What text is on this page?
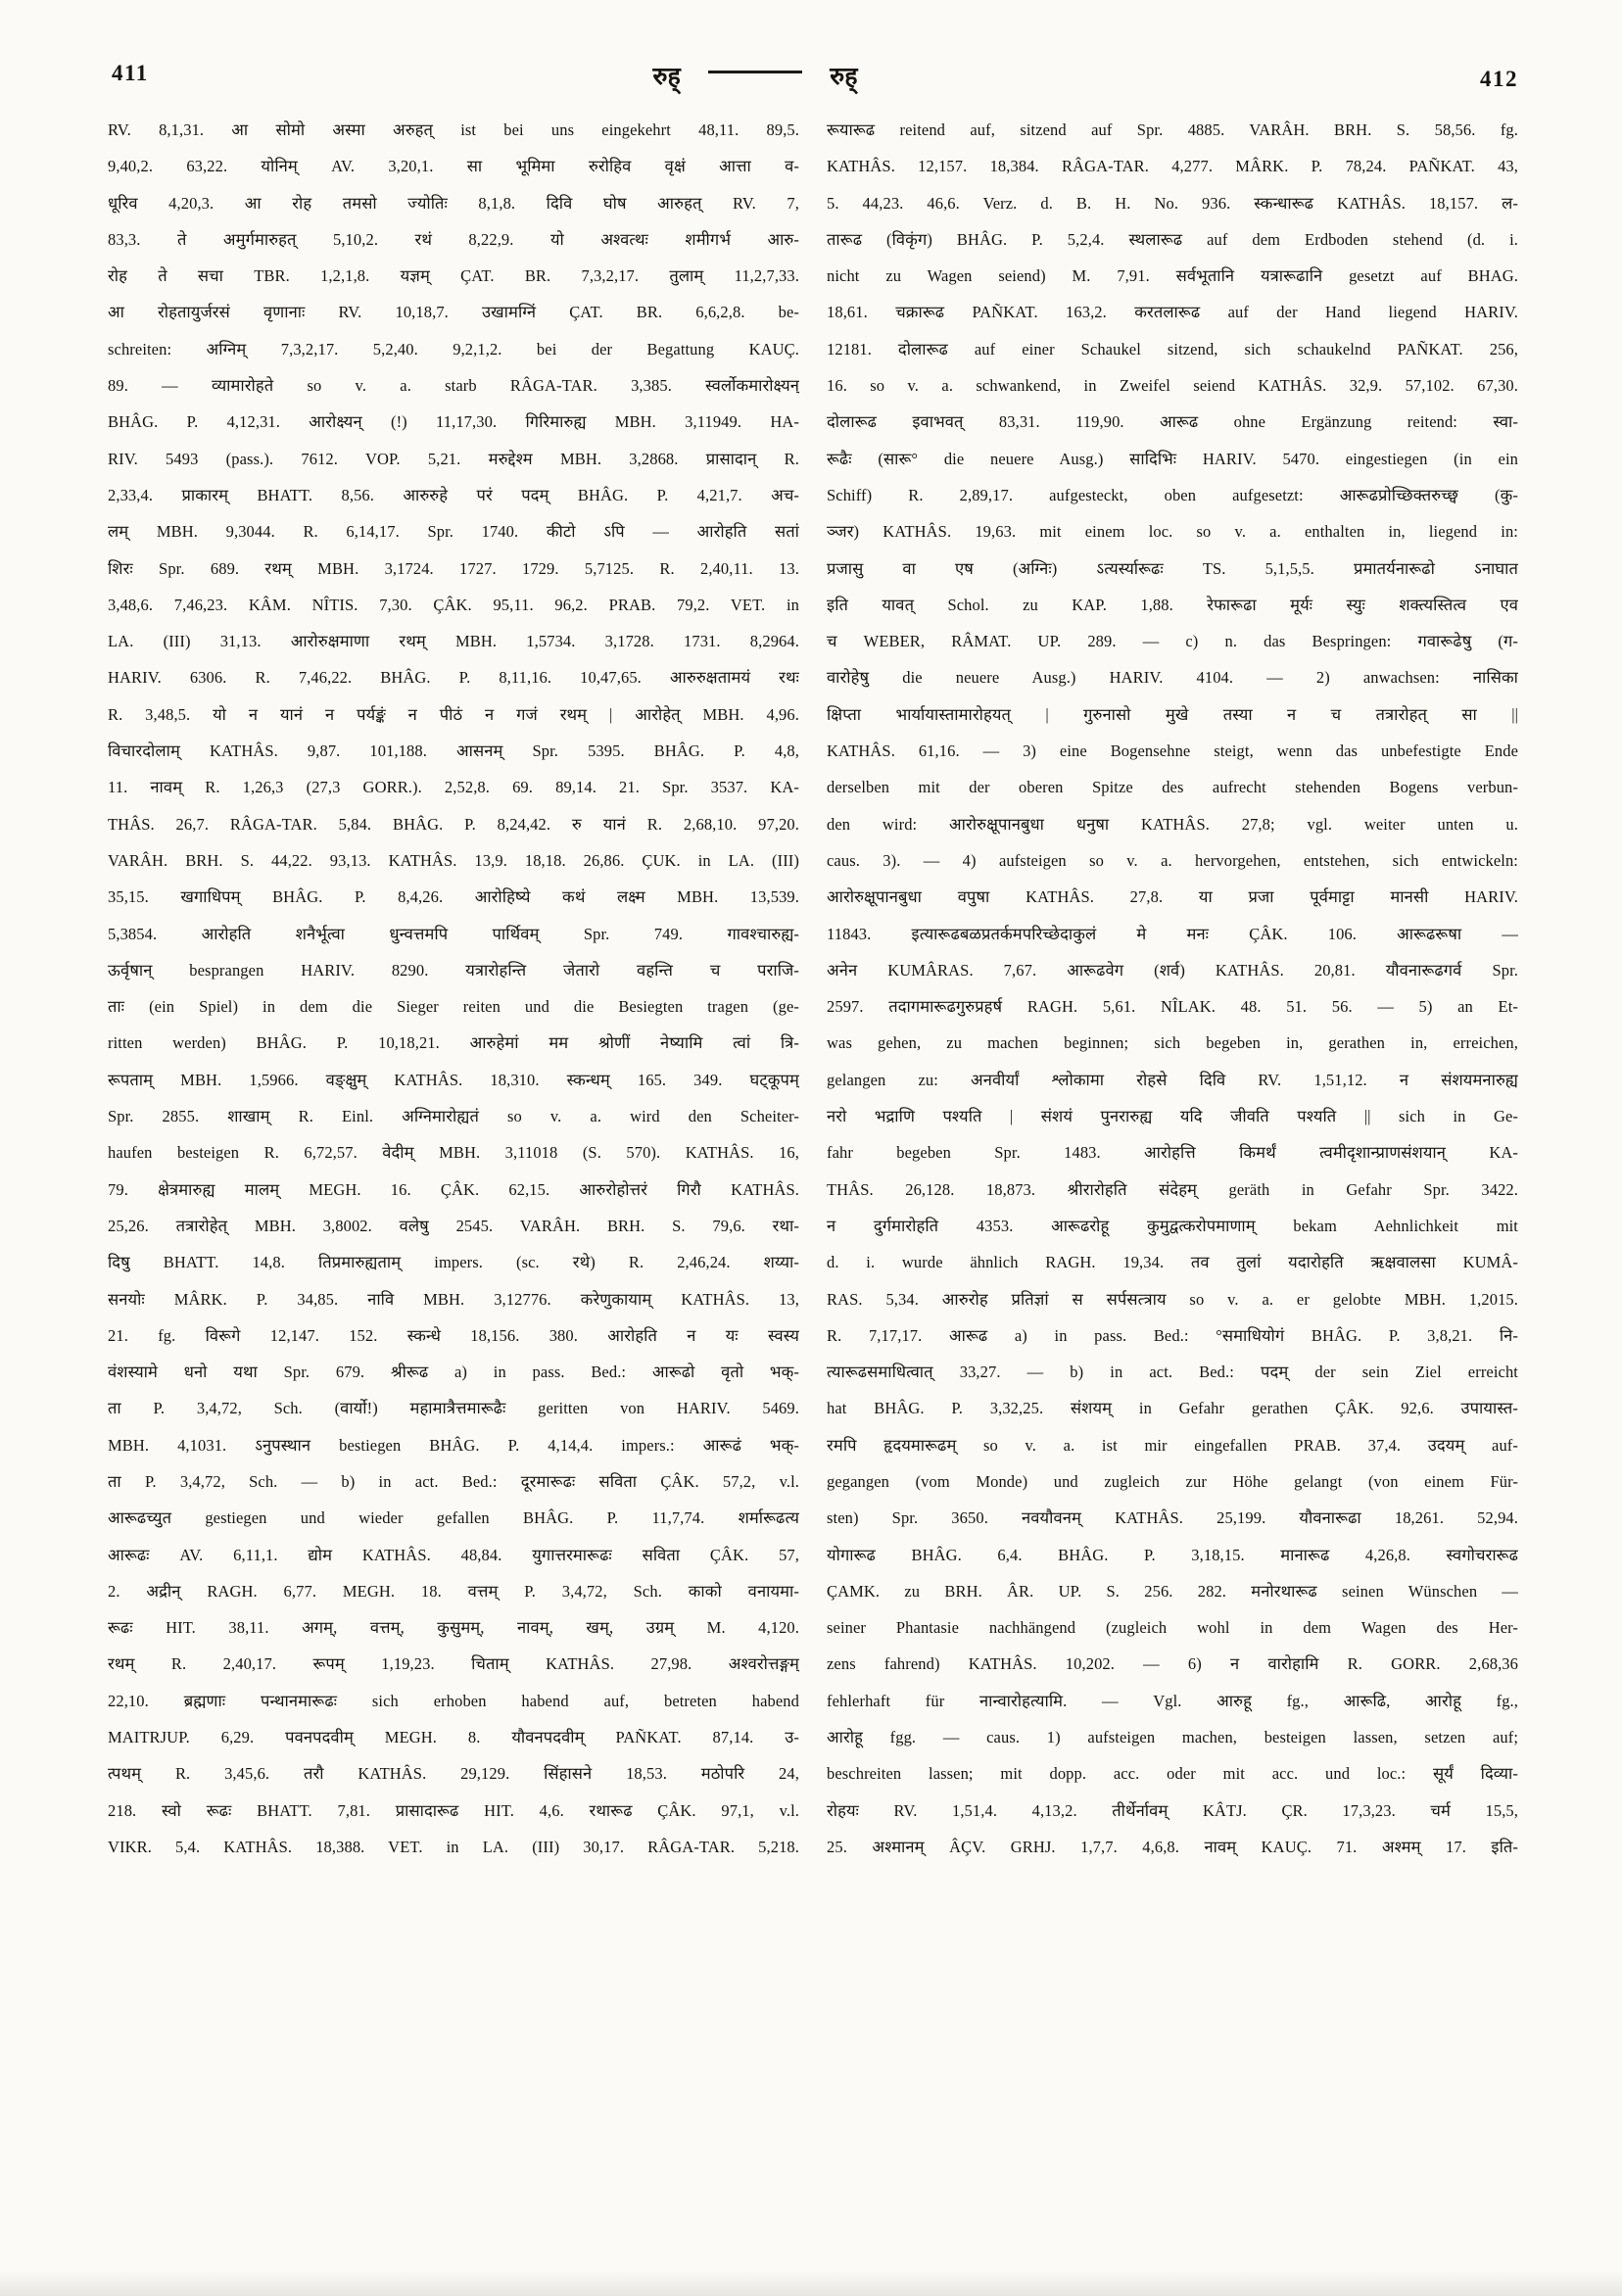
411	रुह्	रुह्	412
RV. 8,1,31. आ सोमो अस्मा अरुहत् ist bei uns eingekehrt 48,11. 89,5.
9,40,2. 63,22. योनिम् AV. 3,20,1. सा भूमिमा रुरोहिव वृक्षं आत्ता व-
धूरिव 4,20,3. आ रोह तमसो ज्योतिः 8,1,8. दिवि घोष आरुहत् RV. 7,
83,3. ते अमुर्गमारुहत् 5,10,2. रथं 8,22,9. यो अश्वत्थः शमीगर्भ आरु-
रोह ते सचा TBR. 1,2,1,8. यज्ञम् ÇAT. BR. 7,3,2,17. तुलाम् 11,2,7,33.
आ रोहतायुर्जरसं वृणानाः RV. 10,18,7. उखामग्निं ÇAT. BR. 6,6,2,8. be-
schreiten: अग्निम् 7,3,2,17. 5,2,40. 9,2,1,2. bei der Begattung KAUÇ.
89. — व्यामारोहते so v. a. starb RÂGA-TAR. 3,385. स्वर्लोकमारोक्ष्यन्
BHÂG. P. 4,12,31. आरोक्ष्यन् (!) 11,17,30. गिरिमारुह्य MBH. 3,11949. HA-
RIV. 5493 (pass.). 7612. VOP. 5,21. मरुद्देश्म MBH. 3,2868. प्रासादान् R.
2,33,4. प्राकारम् BHATT. 8,56. आरुरुहे परं पदम् BHÂG. P. 4,21,7. अच-
लम् MBH. 9,3044. R. 6,14,17. Spr. 1740. कीटो ऽपि — आरोहति सतां
शिरः Spr. 689. रथम् MBH. 3,1724. 1727. 1729. 5,7125. R. 2,40,11. 13.
3,48,6. 7,46,23. KÂM. NÎTIS. 7,30. ÇÂK. 95,11. 96,2. PRAB. 79,2. VET. in
LA. (III) 31,13. आरोरुक्षमाणा रथम् MBH. 1,5734. 3,1728. 1731. 8,2964.
HARIV. 6306. R. 7,46,22. BHÂG. P. 8,11,16. 10,47,65. आरुरुक्षतामयं रथः
R. 3,48,5. यो न यानं न पर्यङ्कं न पीठं न गजं रथम् | आरोहेत् MBH. 4,96.
विचारदोलाम् KATHÂS. 9,87. 101,188. आसनम् Spr. 5395. BHÂG. P. 4,8,
11. नावम् R. 1,26,3 (27,3 GORR.). 2,52,8. 69. 89,14. 21. Spr. 3537. KA-
THÂS. 26,7. RÂGA-TAR. 5,84. BHÂG. P. 8,24,42. रु यानं R. 2,68,10. 97,20.
VARÂH. BRH. S. 44,22. 93,13. KATHÂS. 13,9. 18,18. 26,86. ÇUK. in LA. (III)
35,15. खगाधिपम् BHÂG. P. 8,4,26. आरोहिष्ये कथं लक्ष्म MBH. 13,539.
5,3854. आरोहति शनैर्भूत्वा धुन्वत्तमपि पार्थिवम् Spr. 749. गावश्चारुह्य-
ऊर्वृषान् besprangen HARIV. 8290. यत्रारोहन्ति जेतारो वहन्ति च पराजि-
ताः (ein Spiel) in dem die Sieger reiten und die Besiegten tragen (ge-
ritten werden) BHÂG. P. 10,18,21. आरुहेमां मम श्रोणीं नेष्यामि त्वां त्रि-
रूपताम् MBH. 1,5966. वङ्क्षुम् KATHÂS. 18,310. स्कन्धम् 165. 349. घट्कूपम्
Spr. 2855. शाखाम् R. Einl. अग्निमारोह्यतं so v. a. wird den Scheiter-
haufen besteigen R. 6,72,57. वेदीम् MBH. 3,11018 (S. 570). KATHÂS. 16,
79. क्षेत्रमारुह्य मालम् MEGH. 16. ÇÂK. 62,15. आरुरोहोत्तरं गिरौ KATHÂS.
25,26. तत्रारोहेत् MBH. 3,8002. वलेषु 2545. VARÂH. BRH. S. 79,6. रथा-
दिषु BHATT. 14,8. तिप्रमारुह्यताम् impers. (sc. रथे) R. 2,46,24. शय्या-
सनयोः MÂRK. P. 34,85. नावि MBH. 3,12776. करेणुकायाम् KATHÂS. 13,
21. fg. विरूगे 12,147. 152. स्कन्धे 18,156. 380. आरोहति न यः स्वस्य
वंशस्यामे धनो यथा Spr. 679. श्रीरूढ a) in pass. Bed.: आरूढो वृतो भक्-
ता P. 3,4,72, Sch. (वार्यो!) महामात्रैत्तमारूढैः geritten von HARIV. 5469.
MBH. 4,1031. ऽनुपस्थान bestiegen BHÂG. P. 4,14,4. impers.: आरूढं भक्-
ता P. 3,4,72, Sch. — b) in act. Bed.: दूरमारूढः सविता ÇÂK. 57,2, v.l.
आरूढच्युत gestiegen und wieder gefallen BHÂG. P. 11,7,74. शर्मारूढत्य
आरूढः AV. 6,11,1. द्योम KATHÂS. 48,84. युगात्तरमारूढः सविता ÇÂK. 57,
2. अद्रीन् RAGH. 6,77. MEGH. 18. वत्तम् P. 3,4,72, Sch. काको वनायमा-
रूढः HIT. 38,11. अगम्, वत्तम्, कुसुमम्, नावम्, खम्, उग्रम् M. 4,120.
रथम् R. 2,40,17. रूपम् 1,19,23. चिताम् KATHÂS. 27,98. अश्वरोत्तङ्गम्
22,10. ब्रह्मणाः पन्थानमारूढः sich erhoben habend auf, betreten habend
MAITRJUP. 6,29. पवनपदवीम् MEGH. 8. यौवनपदवीम् PAÑKAT. 87,14. उ-
त्पथम् R. 3,45,6. तरौ KATHÂS. 29,129. सिंहासने 18,53. मठोपरि 24,
218. स्वो रूढः BHATT. 7,81. प्रासादारूढ HIT. 4,6. रथारूढ ÇÂK. 97,1, v.l.
VIKR. 5,4. KATHÂS. 18,388. VET. in LA. (III) 30,17. RÂGA-TAR. 5,218.
रूयारूढ reitend auf, sitzend auf Spr. 4885. VARÂH. BRH. S. 58,56. fg.
KATHÂS. 12,157. 18,384. RÂGA-TAR. 4,277. MÂRK. P. 78,24. PAÑKAT. 43,
5. 44,23. 46,6. Verz. d. B. H. No. 936. स्कन्धारूढ KATHÂS. 18,157. ल-
तारूढ (विकृंग) BHÂG. P. 5,2,4. स्थलारूढ auf dem Erdboden stehend (d. i.
nicht zu Wagen seiend) M. 7,91. सर्वभूतानि यत्रारूढानि gesetzt auf BHAG.
18,61. चक्रारूढ PAÑKAT. 163,2. करतलारूढ auf der Hand liegend HARIV.
12181. दोलारूढ auf einer Schaukel sitzend, sich schaukelnd PAÑKAT. 256,
16. so v. a. schwankend, in Zweifel seiend KATHÂS. 32,9. 57,102. 67,30.
दोलारूढ इवाभवत् 83,31. 119,90. आरूढ ohne Ergänzung reitend: स्वा-
रूढैः (सारू° die neuere Ausg.) सादिभिः HARIV. 5470. eingestiegen (in ein
Schiff) R. 2,89,17. aufgesteckt, oben aufgesetzt: आरूढप्रोच्छिक्तरुच्छ्व (कु-
ञ्जर) KATHÂS. 19,63. mit einem loc. so v. a. enthalten in, liegend in:
प्रजासु वा एष (अग्निः) ऽत्यर्स्यारूढः TS. 5,1,5,5. प्रमातर्यनारूढो ऽनाघात
इति यावत् Schol. zu KAP. 1,88. रेफारूढा मूर्यः स्युः शक्त्यस्तित्व एव
च WEBER, RÂMAT. UP. 289. — c) n. das Bespringen: गवारूढेषु (ग-
वारोहेषु die neuere Ausg.) HARIV. 4104. — 2) anwachsen: नासिका
क्षिप्ता भार्यायास्तामारोहयत् | गुरुनासो मुखे तस्या न च तत्रारोहत् सा ||
KATHÂS. 61,16. — 3) eine Bogensehne steigt, wenn das unbefestigte Ende
derselben mit der oberen Spitze des aufrecht stehenden Bogens verbun-
den wird: आरोरुक्षूपानबुधा धनुषा KATHÂS. 27,8; vgl. weiter unten u.
caus. 3). — 4) aufsteigen so v. a. hervorgehen, entstehen, sich entwickeln:
आरोरुक्षूपानबुधा वपुषा KATHÂS. 27,8. या प्रजा पूर्वमाट्टा मानसी HARIV.
11843. इत्यारूढबळप्रतर्कमपरिच्छेदाकुलं मे मनः ÇÂK. 106. आरूढरूषा —
अनेन KUMÂRAS. 7,67. आरूढवेग (शर्व) KATHÂS. 20,81. यौवनारूढगर्व Spr.
2597. तदागमारूढगुरुप्रहर्ष RAGH. 5,61. NÎLAK. 48. 51. 56. — 5) an Et-
was gehen, zu machen beginnen; sich begeben in, gerathen in, erreichen,
gelangen zu: अनवीर्यां श्लोकामा रोहसे दिवि RV. 1,51,12. न संशयमनारुह्य
नरो भद्राणि पश्यति | संशयं पुनरारुह्य यदि जीवति पश्यति || sich in Ge-
fahr begeben Spr. 1483. आरोहत्ति किमर्थं त्वमीदृशान्प्राणसंशयान् KA-
THÂS. 26,128. 18,873. श्रीरारोहति संदेहम् geräth in Gefahr Spr. 3422.
न दुर्गमारोहति 4353. आरूढरोहू कुमुद्वत्करोपमाणाम् bekam Aehnlichkeit mit
d. i. wurde ähnlich RAGH. 19,34. तव तुलां यदारोहति ऋक्षवालसा KUMÂ-
RAS. 5,34. आरुरोह प्रतिज्ञां स सर्पसत्त्राय so v. a. er gelobte MBH. 1,2015.
R. 7,17,17. आरूढ a) in pass. Bed.: °समाधियोगं BHÂG. P. 3,8,21. नि-
त्यारूढसमाधित्वात् 33,27. — b) in act. Bed.: पदम् der sein Ziel erreicht
hat BHÂG. P. 3,32,25. संशयम् in Gefahr gerathen ÇÂK. 92,6. उपायास्त-
रमपि हृदयमारूढम् so v. a. ist mir eingefallen PRAB. 37,4. उदयम् auf-
gegangen (vom Monde) und zugleich zur Höhe gelangt (von einem Für-
sten) Spr. 3650. नवयौवनम् KATHÂS. 25,199. यौवनारूढा 18,261. 52,94.
योगारूढ BHÂG. 6,4. BHÂG. P. 3,18,15. मानारूढ 4,26,8. स्वगोचरारूढ
ÇAMK. zu BRH. ÂR. UP. S. 256. 282. मनोरथारूढ seinen Wünschen —
seiner Phantasie nachhängend (zugleich wohl in dem Wagen des Her-
zens fahrend) KATHÂS. 10,202. — 6) न वारोहामि R. GORR. 2,68,36
fehlerhaft für नान्वारोहत्यामि. — Vgl. आरुहू fg., आरूढि, आरोहू fg.,
आरोहू fgg. — caus. 1) aufsteigen machen, besteigen lassen, setzen auf;
beschreiten lassen; mit dopp. acc. oder mit acc. und loc.: सूर्यं दिव्या-
रोहयः RV. 1,51,4. 4,13,2. तीर्थेर्नावम् KÂTJ. ÇR. 17,3,23. चर्म 15,5,
25. अश्मानम् ÂÇV. GRHJ. 1,7,7. 4,6,8. नावम् KAUÇ. 71. अश्मम् 17. इति-
